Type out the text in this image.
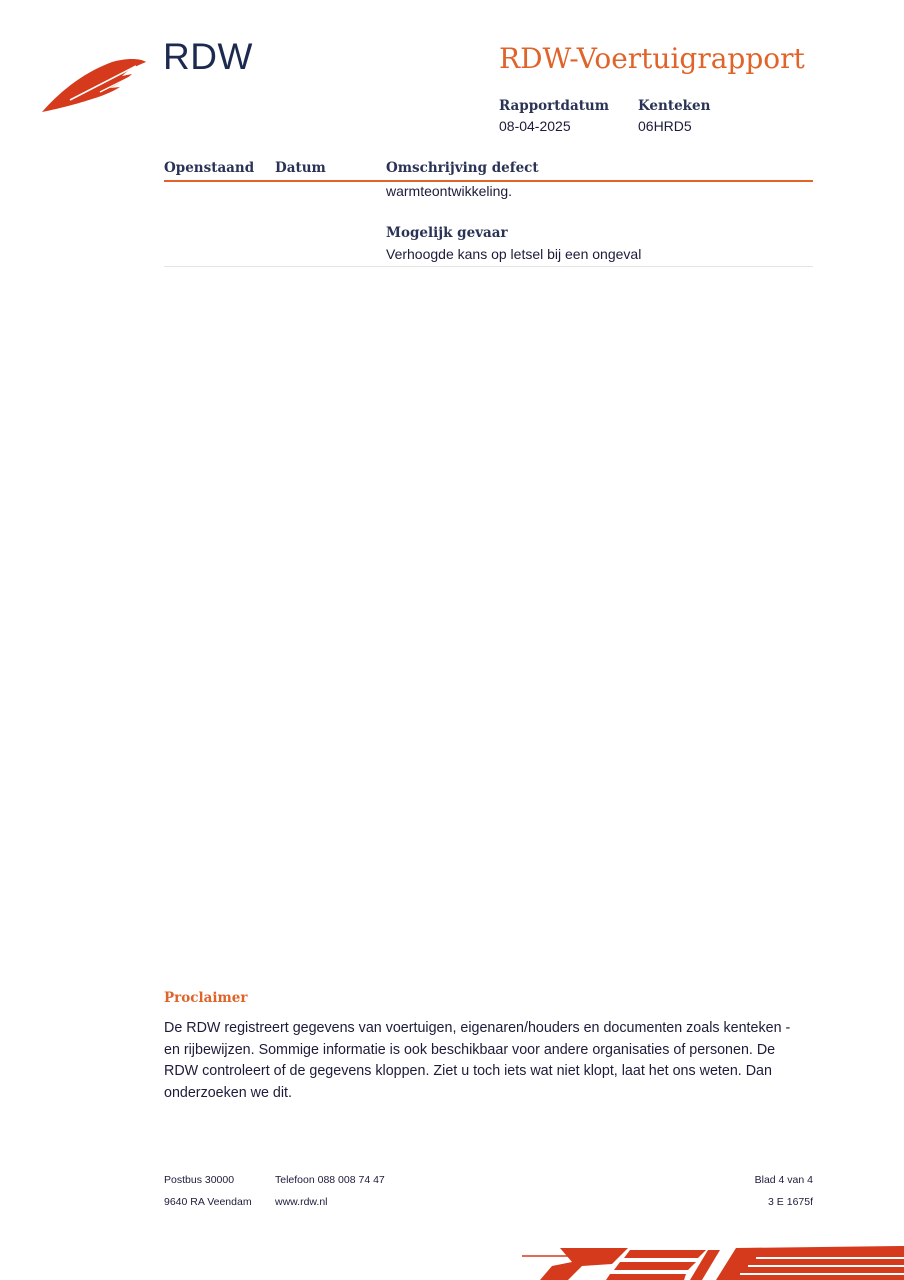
RDW	RDW-Voertuigrapport
Rapportdatum
08-04-2025
Kenteken
06HRD5
Openstaand Datum	Omschrijving defect
warmteontwikkeling.
Mogelijk gevaar
Verhoogde kans op letsel bij een ongeval
Proclaimer
De RDW registreert gegevens van voertuigen, eigenaren/houders en documenten zoals kenteken - en rijbewijzen. Sommige informatie is ook beschikbaar voor andere organisaties of personen. De RDW controleert of de gegevens kloppen. Ziet u toch iets wat niet klopt, laat het ons weten. Dan onderzoeken we dit.
Postbus 30000
9640 RA Veendam
Telefoon 088 008 74 47
www.rdw.nl
Blad 4 van 4
3 E 1675f
